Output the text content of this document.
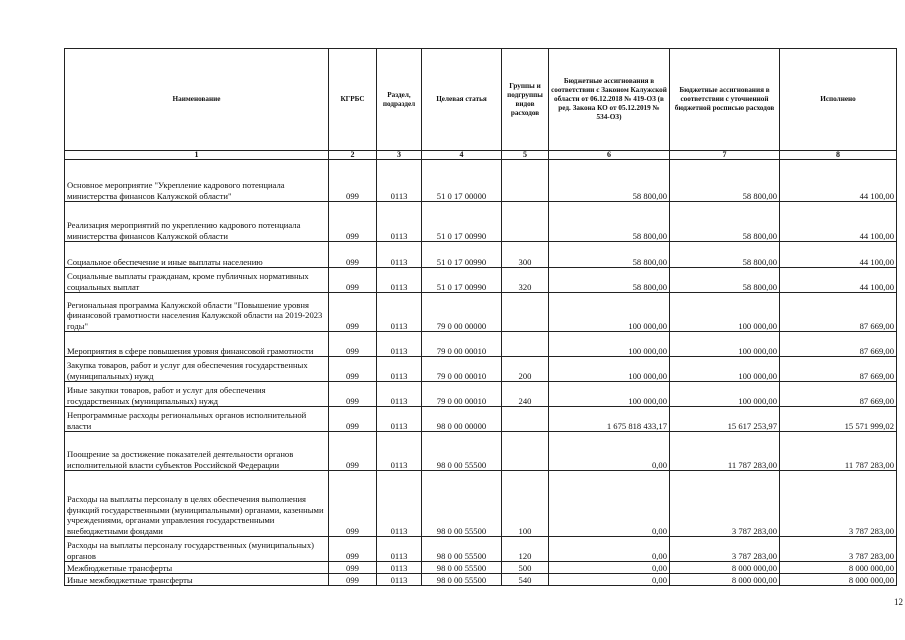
Наименование	КГРБС	Раздел, подраздел	Целевая статья	Группы и подгруппы видов расходов	Бюджетные ассигнования в соответствии с Законом Калужской области от 06.12.2018 № 419-ОЗ (в ред. Закона КО от 05.12.2019 № 534-ОЗ)	Бюджетные ассигнования в соответствии с уточненной бюджетной росписью расходов	Исполнено
1	2	3	4	5	6	7	8
Основное мероприятие "Укрепление кадрового потенциала министерства финансов Калужской области"	099	0113	51 0 17 00000		58 800,00	58 800,00	44 100,00
Реализация мероприятий по укреплению кадрового потенциала министерства финансов Калужской области	099	0113	51 0 17 00990		58 800,00	58 800,00	44 100,00
Социальное обеспечение и иные выплаты населению	099	0113	51 0 17 00990	300	58 800,00	58 800,00	44 100,00
Социальные выплаты гражданам, кроме публичных нормативных социальных выплат	099	0113	51 0 17 00990	320	58 800,00	58 800,00	44 100,00
Региональная программа Калужской области "Повышение уровня финансовой грамотности населения Калужской области на 2019-2023 годы"	099	0113	79 0 00 00000		100 000,00	100 000,00	87 669,00
Мероприятия в сфере повышения уровня финансовой грамотности	099	0113	79 0 00 00010		100 000,00	100 000,00	87 669,00
Закупка товаров, работ и услуг для обеспечения государственных (муниципальных) нужд	099	0113	79 0 00 00010	200	100 000,00	100 000,00	87 669,00
Иные закупки товаров, работ и услуг для обеспечения государственных (муниципальных) нужд	099	0113	79 0 00 00010	240	100 000,00	100 000,00	87 669,00
Непрограммные расходы региональных органов исполнительной власти	099	0113	98 0 00 00000		1 675 818 433,17	15 617 253,97	15 571 999,02
Поощрение за достижение показателей деятельности органов исполнительной власти субъектов Российской Федерации	099	0113	98 0 00 55500		0,00	11 787 283,00	11 787 283,00
Расходы на выплаты персоналу в целях обеспечения выполнения функций государственными (муниципальными) органами, казенными учреждениями, органами управления государственными внебюджетными фондами	099	0113	98 0 00 55500	100	0,00	3 787 283,00	3 787 283,00
Расходы на выплаты персоналу государственных (муниципальных) органов	099	0113	98 0 00 55500	120	0,00	3 787 283,00	3 787 283,00
Межбюджетные трансферты	099	0113	98 0 00 55500	500	0,00	8 000 000,00	8 000 000,00
Иные межбюджетные трансферты	099	0113	98 0 00 55500	540	0,00	8 000 000,00	8 000 000,00
12
